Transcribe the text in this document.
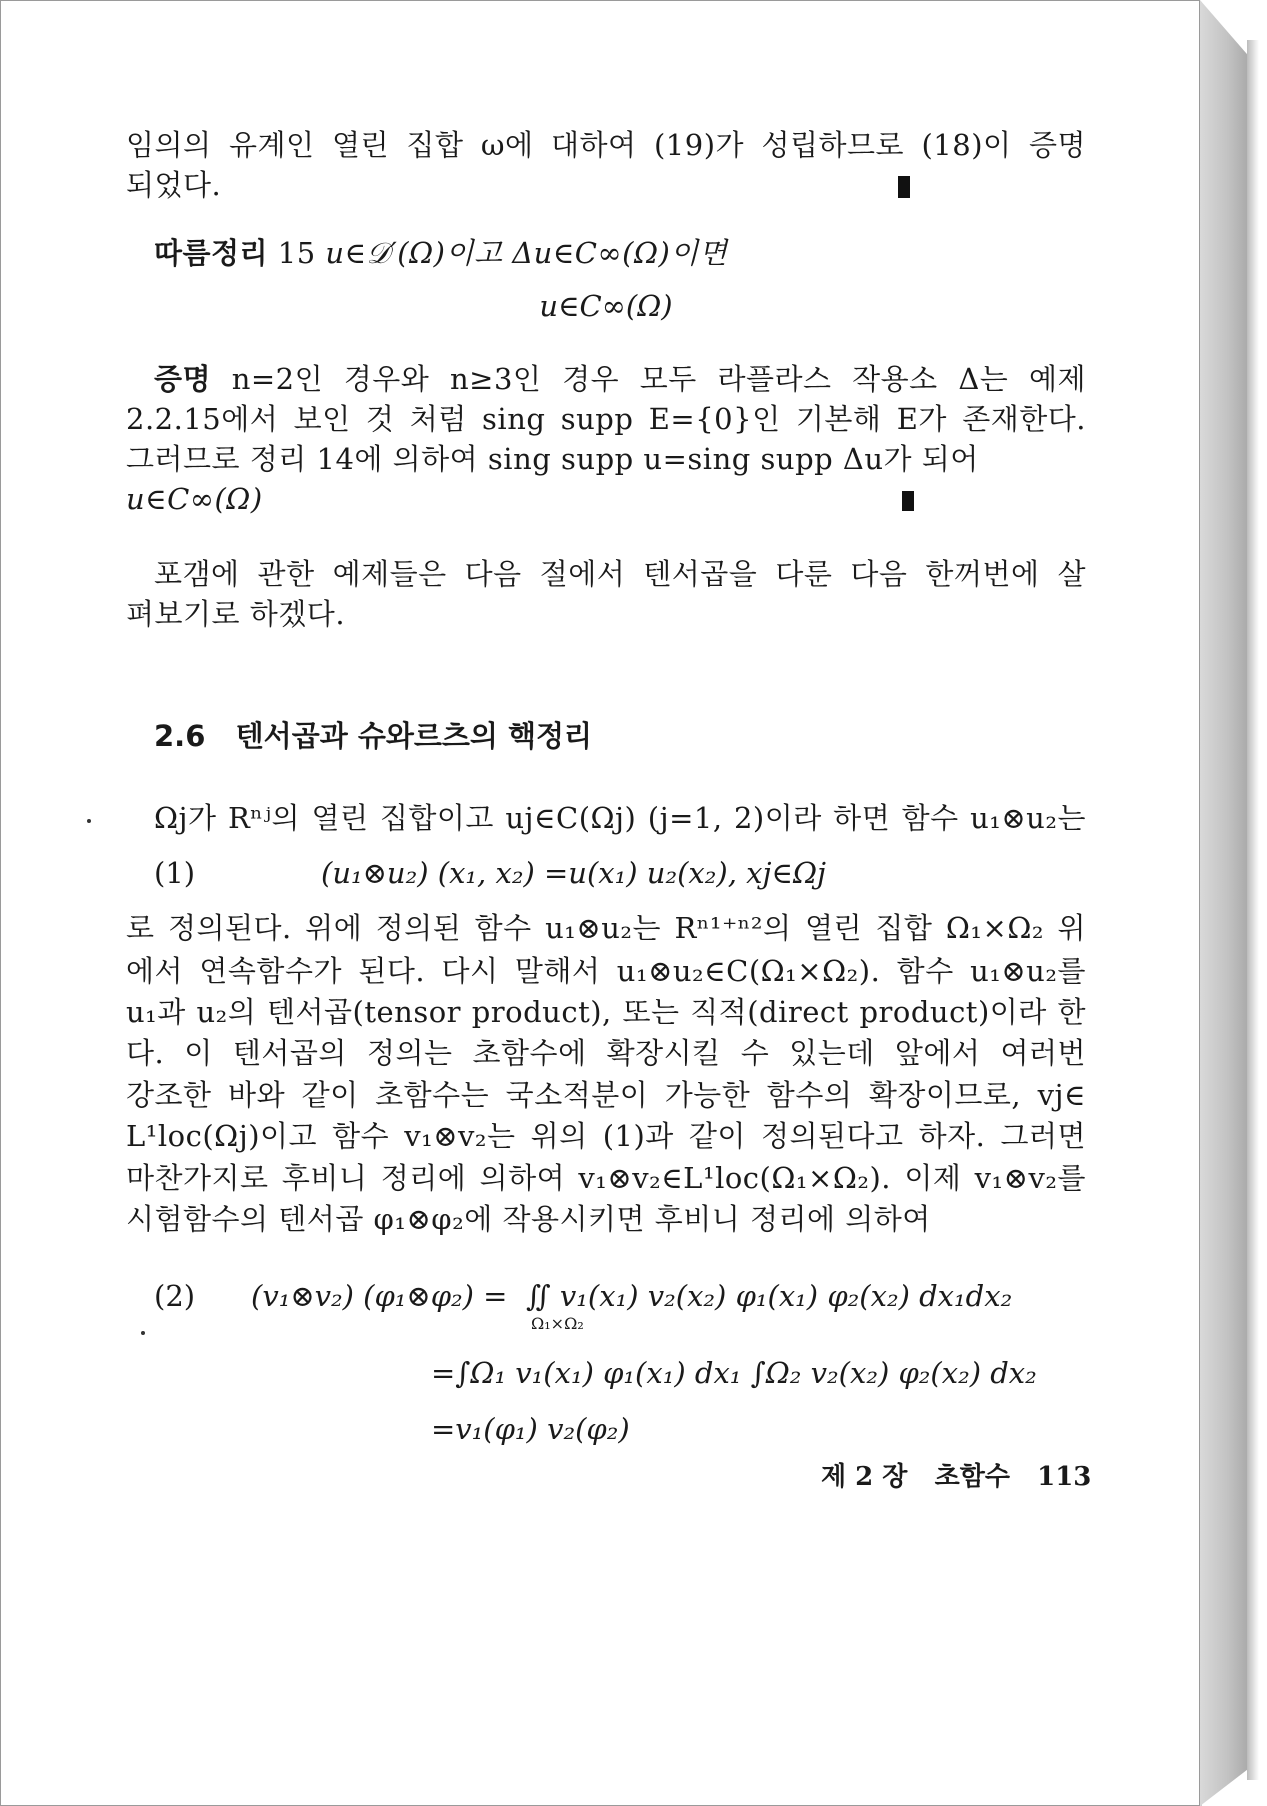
임의의 유계인 열린 집합 ω에 대하여 (19)가 성립하므로 (18)이 증명
되었다.
따름정리 15 u∈𝒟′(Ω)이고 Δu∈C∞(Ω)이면
u∈C∞(Ω)
증명 n=2인 경우와 n≥3인 경우 모두 라플라스 작용소 Δ는 예제
2.2.15에서 보인 것 처럼 sing supp E={0}인 기본해 E가 존재한다.
그러므로 정리 14에 의하여 sing supp u=sing supp Δu가 되어
u∈C∞(Ω)
포갬에 관한 예제들은 다음 절에서 텐서곱을 다룬 다음 한꺼번에 살
펴보기로 하겠다.
2.6 텐서곱과 슈와르츠의 핵정리
Ωj가 Rⁿʲ의 열린 집합이고 uj∈C(Ωj) (j=1, 2)이라 하면 함수 u₁⊗u₂는
(1)	(u₁⊗u₂) (x₁, x₂) =u(x₁) u₂(x₂), xj∈Ωj
로 정의된다. 위에 정의된 함수 u₁⊗u₂는 Rⁿ¹⁺ⁿ²의 열린 집합 Ω₁×Ω₂ 위
에서 연속함수가 된다. 다시 말해서 u₁⊗u₂∈C(Ω₁×Ω₂). 함수 u₁⊗u₂를
u₁과 u₂의 텐서곱(tensor product), 또는 직적(direct product)이라 한
다. 이 텐서곱의 정의는 초함수에 확장시킬 수 있는데 앞에서 여러번
강조한 바와 같이 초함수는 국소적분이 가능한 함수의 확장이므로, vj∈
L¹loc(Ωj)이고 함수 v₁⊗v₂는 위의 (1)과 같이 정의된다고 하자. 그러면
마찬가지로 후비니 정리에 의하여 v₁⊗v₂∈L¹loc(Ω₁×Ω₂). 이제 v₁⊗v₂를
시험함수의 텐서곱 φ₁⊗φ₂에 작용시키면 후비니 정리에 의하여
(2) (v₁⊗v₂) (φ₁⊗φ₂) = ∬ v₁(x₁) v₂(x₂) φ₁(x₁) φ₂(x₂) dx₁dx₂
Ω₁×Ω₂
=∫Ω₁ v₁(x₁) φ₁(x₁) dx₁ ∫Ω₂ v₂(x₂) φ₂(x₂) dx₂
=v₁(φ₁) v₂(φ₂)
제 2 장 초함수 113
